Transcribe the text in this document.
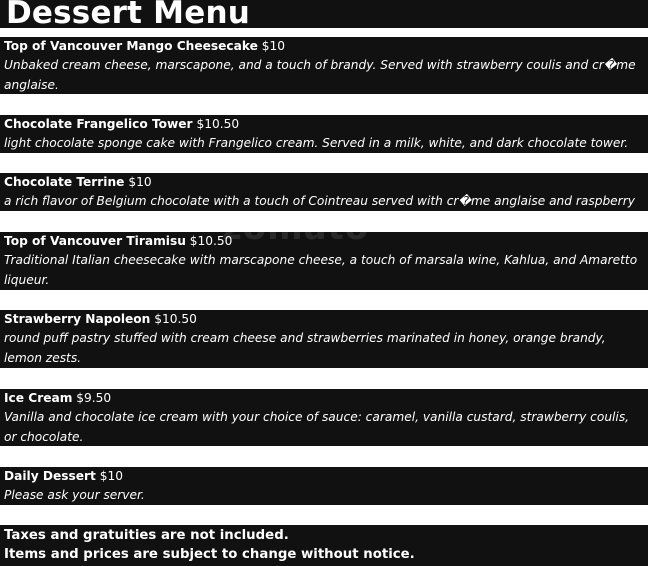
Dessert Menu
Top of Vancouver Mango Cheesecake $10
Unbaked cream cheese, marscapone, and a touch of brandy. Served with strawberry coulis and cr�me anglaise.
Chocolate Frangelico Tower $10.50
light chocolate sponge cake with Frangelico cream. Served in a milk, white, and dark chocolate tower.
Chocolate Terrine $10
a rich flavor of Belgium chocolate with a touch of Cointreau served with cr�me anglaise and raspberry coulis.
Top of Vancouver Tiramisu $10.50
Traditional Italian cheesecake with marscapone cheese, a touch of marsala wine, Kahlua, and Amaretto liqueur.
Strawberry Napoleon $10.50
round puff pastry stuffed with cream cheese and strawberries marinated in honey, orange brandy, lemon zests.
Ice Cream $9.50
Vanilla and chocolate ice cream with your choice of sauce: caramel, vanilla custard, strawberry coulis, or chocolate.
Daily Dessert $10
Please ask your server.
Taxes and gratuities are not included.
Items and prices are subject to change without notice.
zomato
